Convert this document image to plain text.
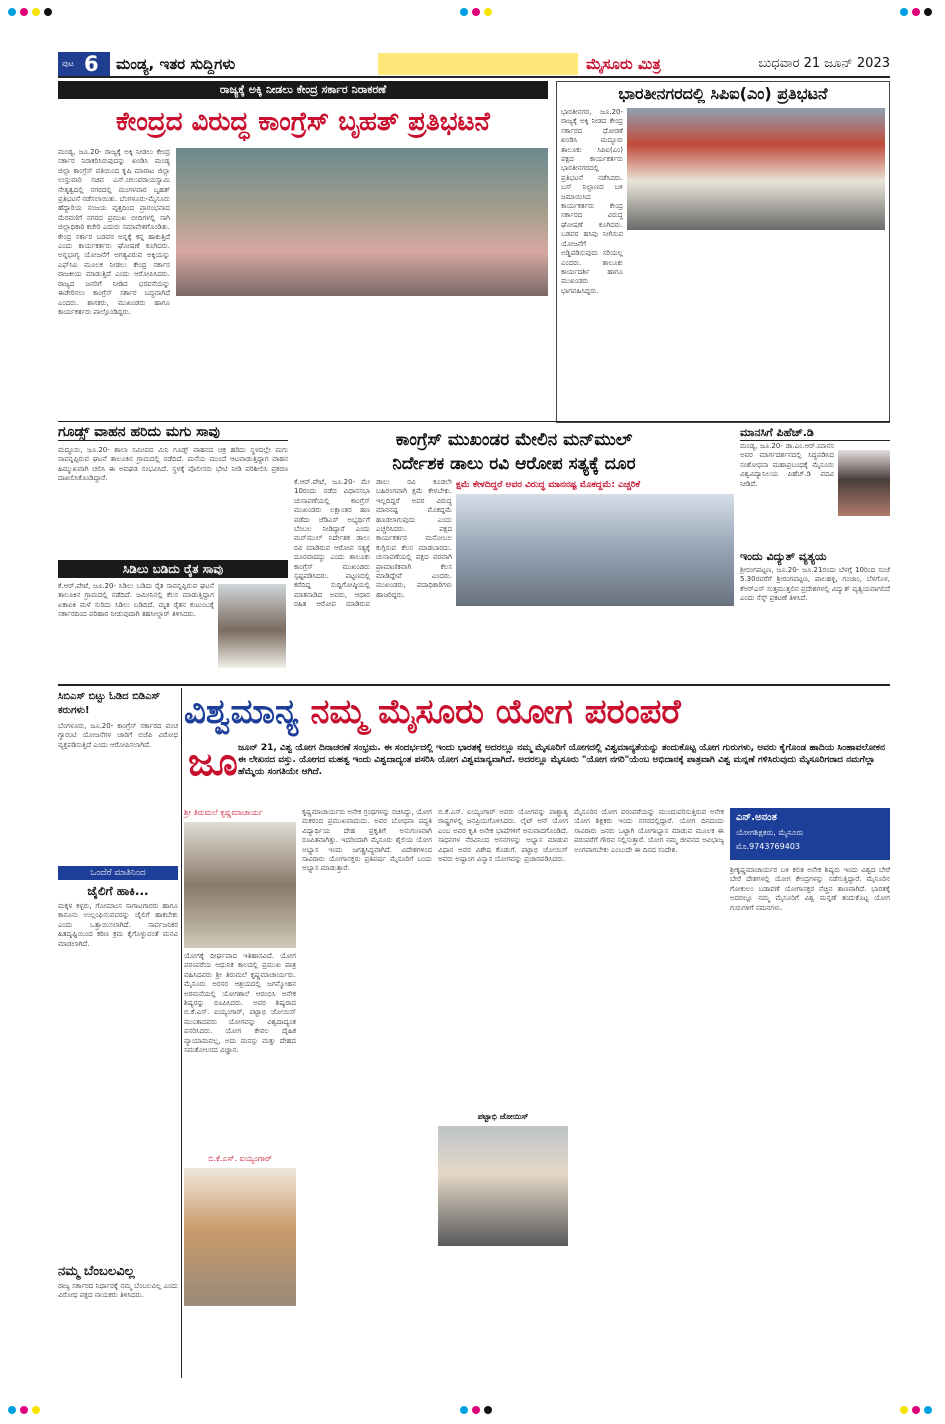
ಪುಟ 6 ಮಂಡ್ಯ, ಇತರ ಸುದ್ದಿಗಳು	ಮೈಸೂರು ಮಿತ್ರ	ಬುಧವಾರ 21 ಜೂನ್ 2023
ರಾಜ್ಯಕ್ಕೆ ಅಕ್ಕಿ ನೀಡಲು ಕೇಂದ್ರ ಸರ್ಕಾರ ನಿರಾಕರಣೆ
ಕೇಂದ್ರದ ವಿರುದ್ಧ ಕಾಂಗ್ರೆಸ್ ಬೃಹತ್ ಪ್ರತಿಭಟನೆ
ಮಂಡ್ಯ, ಜೂ.20- ರಾಜ್ಯಕ್ಕೆ ಅಕ್ಕಿ ನೀಡಲು ಕೇಂದ್ರ ಸರ್ಕಾರ ನಿರಾಕರಿಸಿರುವುದನ್ನು ಖಂಡಿಸಿ ಮಂಡ್ಯ ಜಿಲ್ಲಾ ಕಾಂಗ್ರೆಸ್ ವತಿಯಿಂದ ಕೃಷಿ ಮಾರಾಟ ಜಿಲ್ಲಾ ಉಸ್ತುವಾರಿ ಸಚಿವ ಎನ್.ಚಲುವರಾಯಸ್ವಾಮಿ ನೇತೃತ್ವದಲ್ಲಿ ನಗರದಲ್ಲಿ ಮಂಗಳವಾರ ಬೃಹತ್ ಪ್ರತಿಭಟನೆ ನಡೆಸಲಾಯಿತು. ಬೆಂಗಳೂರು-ಮೈಸೂರು ಹೆದ್ದಾರಿಯ ಸಂಜಯ ವೃತ್ತದಿಂದ ಪ್ರಾರಂಭವಾದ ಮೆರವಣಿಗೆ ನಗರದ ಪ್ರಮುಖ ಬೀದಿಗಳಲ್ಲಿ ಸಾಗಿ ಜಿಲ್ಲಾಧಿಕಾರಿ ಕಚೇರಿ ಎದುರು ಸಮಾವೇಶಗೊಂಡಿತು. ಕೇಂದ್ರ ಸರ್ಕಾರ ಬಡವರ ಅನ್ನಕ್ಕೆ ಕನ್ನ ಹಾಕುತ್ತಿದೆ ಎಂದು ಕಾರ್ಯಕರ್ತರು ಘೋಷಣೆ ಕೂಗಿದರು. ಅನ್ನಭಾಗ್ಯ ಯೋಜನೆಗೆ ಅಗತ್ಯವಿರುವ ಅಕ್ಕಿಯನ್ನು ಎಫ್‌ಸಿಐ ಮೂಲಕ ನೀಡಲು ಕೇಂದ್ರ ಸರ್ಕಾರ ರಾಜಕೀಯ ಮಾಡುತ್ತಿದೆ ಎಂದು ಆರೋಪಿಸಿದರು. ರಾಜ್ಯದ ಜನರಿಗೆ ನೀಡಿದ ಭರವಸೆಯನ್ನು ಈಡೇರಿಸಲು ಕಾಂಗ್ರೆಸ್ ಸರ್ಕಾರ ಬದ್ಧವಾಗಿದೆ ಎಂದರು. ಶಾಸಕರು, ಮುಖಂಡರು ಹಾಗೂ ಕಾರ್ಯಕರ್ತರು ಪಾಲ್ಗೊಂಡಿದ್ದರು.
ಭಾರತೀನಗರದಲ್ಲಿ ಸಿಪಿಐ(ಎಂ) ಪ್ರತಿಭಟನೆ
ಭಾರತೀನಗರ, ಜೂ.20- ರಾಜ್ಯಕ್ಕೆ ಅಕ್ಕಿ ನೀಡದ ಕೇಂದ್ರ ಸರ್ಕಾರದ ಧೋರಣೆ ಖಂಡಿಸಿ ಮದ್ದೂರು ತಾಲೂಕು ಸಿಪಿಐ(ಎಂ) ಪಕ್ಷದ ಕಾರ್ಯಕರ್ತರು ಭಾರತೀನಗರದಲ್ಲಿ ಪ್ರತಿಭಟನೆ ನಡೆಸಿದರು. ಬಸ್ ನಿಲ್ದಾಣದ ಬಳಿ ಜಮಾಯಿಸಿದ ಕಾರ್ಯಕರ್ತರು ಕೇಂದ್ರ ಸರ್ಕಾರದ ವಿರುದ್ಧ ಘೋಷಣೆ ಕೂಗಿದರು. ಬಡವರ ಹಸಿವು ನೀಗಿಸುವ ಯೋಜನೆಗೆ ಅಡ್ಡಿಪಡಿಸುವುದು ಸರಿಯಲ್ಲ ಎಂದರು. ತಾಲೂಕು ಕಾರ್ಯದರ್ಶಿ ಹಾಗೂ ಮುಖಂಡರು ಭಾಗವಹಿಸಿದ್ದರು.
ಗೂಡ್ಸ್ ವಾಹನ ಹರಿದು ಮಗು ಸಾವು
ಮದ್ದೂರು, ಜೂ.20- ಶಾಲಾ ಸಮೀಪದ ಮಿನಿ ಗೂಡ್ಸ್ ವಾಹನದ ಚಕ್ರ ಹರಿದು ಸ್ಥಳದಲ್ಲೇ ಮಗು ಸಾವನ್ನಪ್ಪಿರುವ ಘಟನೆ ತಾಲೂಕಿನ ಗ್ರಾಮದಲ್ಲಿ ನಡೆದಿದೆ. ಮನೆಯ ಮುಂದೆ ಆಟವಾಡುತ್ತಿದ್ದಾಗ ವಾಹನ ಹಿಮ್ಮುಖವಾಗಿ ಚಲಿಸಿ ಈ ಅವಘಡ ಸಂಭವಿಸಿದೆ. ಸ್ಥಳಕ್ಕೆ ಪೊಲೀಸರು ಭೇಟಿ ನೀಡಿ ಪರಿಶೀಲಿಸಿ ಪ್ರಕರಣ ದಾಖಲಿಸಿಕೊಂಡಿದ್ದಾರೆ.
ಸಿಡಿಲು ಬಡಿದು ರೈತ ಸಾವು
ಕೆ.ಆರ್.ಪೇಟೆ, ಜೂ.20- ಸಿಡಿಲು ಬಡಿದು ರೈತ ಸಾವನ್ನಪ್ಪಿರುವ ಘಟನೆ ತಾಲೂಕಿನ ಗ್ರಾಮದಲ್ಲಿ ನಡೆದಿದೆ. ಜಮೀನಿನಲ್ಲಿ ಕೆಲಸ ಮಾಡುತ್ತಿದ್ದಾಗ ಏಕಾಏಕಿ ಮಳೆ ಸುರಿದು ಸಿಡಿಲು ಬಡಿದಿದೆ. ಮೃತ ರೈತನ ಕುಟುಂಬಕ್ಕೆ ಸರ್ಕಾರದಿಂದ ಪರಿಹಾರ ನೀಡುವುದಾಗಿ ತಹಸೀಲ್ದಾರ್ ತಿಳಿಸಿದರು.
ಕಾಂಗ್ರೆಸ್ ಮುಖಂಡರ ಮೇಲಿನ ಮನ್‌ಮುಲ್
ನಿರ್ದೇಶಕ ಡಾಲು ರವಿ ಆರೋಪ ಸತ್ಯಕ್ಕೆ ದೂರ
ಕೆ.ಆರ್.ಪೇಟೆ, ಜೂ.20- ಮೇ 10ರಂದು ನಡೆದ ವಿಧಾನಸಭಾ ಚುನಾವಣೆಯಲ್ಲಿ ಕಾಂಗ್ರೆಸ್ ಮುಖಂಡರು ಲಕ್ಷಾಂತರ ಹಣ ಪಡೆದು ಜೆಡಿಎಸ್ ಅಭ್ಯರ್ಥಿಗೆ ಬೆಂಬಲ ನೀಡಿದ್ದಾರೆ ಎಂದು ಮನ್‌ಮುಲ್ ನಿರ್ದೇಶಕ ಡಾಲು ರವಿ ಮಾಡಿರುವ ಆರೋಪ ಸತ್ಯಕ್ಕೆ ದೂರವಾದದ್ದು ಎಂದು ತಾಲೂಕು ಕಾಂಗ್ರೆಸ್ ಮುಖಂಡರು ಸ್ಪಷ್ಟಪಡಿಸಿದರು. ಪಟ್ಟಣದಲ್ಲಿ ಕರೆದಿದ್ದ ಸುದ್ದಿಗೋಷ್ಠಿಯಲ್ಲಿ ಮಾತನಾಡಿದ ಅವರು, ಆಧಾರ ರಹಿತ ಆರೋಪ ಮಾಡಿರುವ ಡಾಲು ರವಿ ಕೂಡಲೇ ಬಹಿರಂಗವಾಗಿ ಕ್ಷಮೆ ಕೇಳಬೇಕು. ಇಲ್ಲದಿದ್ದರೆ ಅವರ ವಿರುದ್ಧ ಮಾನನಷ್ಟ ಮೊಕದ್ದಮೆ ಹೂಡಲಾಗುವುದು ಎಂದು ಎಚ್ಚರಿಸಿದರು. ಪಕ್ಷದ ಕಾರ್ಯಕರ್ತರ ಮನೋಬಲ ಕುಗ್ಗಿಸುವ ಕೆಲಸ ಮಾಡಬಾರದು. ಚುನಾವಣೆಯಲ್ಲಿ ಪಕ್ಷದ ಪರವಾಗಿ ಪ್ರಾಮಾಣಿಕವಾಗಿ ಕೆಲಸ ಮಾಡಿದ್ದೇವೆ ಎಂದರು. ಮುಖಂಡರು, ಪದಾಧಿಕಾರಿಗಳು ಹಾಜರಿದ್ದರು.
ಕ್ಷಮೆ ಕೇಳದಿದ್ದರೆ ಅವರ ವಿರುದ್ಧ ಮಾನನಷ್ಟ ಮೊಕದ್ದಮೆ: ಎಚ್ಚರಿಕೆ
ಮಾನಸಿಗೆ ಪಿಹೆಚ್.ಡಿ
ಮಂಡ್ಯ, ಜೂ.20- ಡಾ.ಎಂ.ಆರ್.ಮಾನಸ ಅವರ ಮಾರ್ಗದರ್ಶನದಲ್ಲಿ ಸಿದ್ಧಪಡಿಸಿದ ಸಂಶೋಧನಾ ಮಹಾಪ್ರಬಂಧಕ್ಕೆ ಮೈಸೂರು ವಿಶ್ವವಿದ್ಯಾನಿಲಯ ಪಿಹೆಚ್.ಡಿ ಪದವಿ ನೀಡಿದೆ.
ಇಂದು ವಿದ್ಯುತ್ ವ್ಯತ್ಯಯ
ಶ್ರೀರಂಗಪಟ್ಟಣ, ಜೂ.20- ಜೂ.21ರಂದು ಬೆಳಗ್ಗೆ 10ರಿಂದ ಸಂಜೆ 5.30ರವರೆಗೆ ಶ್ರೀರಂಗಪಟ್ಟಣ, ಪಾಲಹಳ್ಳಿ, ಗಂಜಾಂ, ಬೆಳಗೊಳ, ಕೆಆರ್‌ಎಸ್ ಸುತ್ತಮುತ್ತಲಿನ ಪ್ರದೇಶಗಳಲ್ಲಿ ವಿದ್ಯುತ್ ವ್ಯತ್ಯಯವಾಗಲಿದೆ ಎಂದು ಸೆಸ್ಕ್ ಪ್ರಕಟಣೆ ತಿಳಿಸಿದೆ.
ಸಿಬಿಎಸ್ ಬಿಟ್ಟು ಓಡಿದ ಬಿಡಿಎಸ್ ಕರುಗಳು!
ಬೆಂಗಳೂರು, ಜೂ.20- ಕಾಂಗ್ರೆಸ್ ಸರ್ಕಾರದ ಪಂಚ ಗ್ಯಾರಂಟಿ ಯೋಜನೆಗಳ ಜಾರಿಗೆ ಬಿಜೆಪಿ ವಿರೋಧ ವ್ಯಕ್ತಪಡಿಸುತ್ತಿದೆ ಎಂದು ಆರೋಪಿಸಲಾಗಿದೆ.
ಒಂದೆರೆ ಮಾತಿನಿಂದ
ಜೈಲಿಗೆ ಹಾಕಿ...
ಮಕ್ಕಳ ಕಳ್ಳರು, ಗೋಮಾಂಸ ಸಾಗಾಟಗಾರರು ಹಾಗೂ ಕಾನೂನು ಉಲ್ಲಂಘಿಸುವವರನ್ನು ಜೈಲಿಗೆ ಹಾಕಬೇಕು ಎಂದು ಒತ್ತಾಯಿಸಲಾಗಿದೆ. ಸಾರ್ವಜನಿಕರ ಹಿತದೃಷ್ಟಿಯಿಂದ ಕಠಿಣ ಕ್ರಮ ಕೈಗೊಳ್ಳುವಂತೆ ಮನವಿ ಮಾಡಲಾಗಿದೆ.
ನಮ್ಮ ಬೆಂಬಲವಿಲ್ಲ
ರಾಜ್ಯ ಸರ್ಕಾರದ ನಿರ್ಧಾರಕ್ಕೆ ನಮ್ಮ ಬೆಂಬಲವಿಲ್ಲ ಎಂದು ವಿರೋಧ ಪಕ್ಷದ ನಾಯಕರು ತಿಳಿಸಿದರು.
ವಿಶ್ವಮಾನ್ಯ ನಮ್ಮ ಮೈಸೂರು ಯೋಗ ಪರಂಪರೆ
ಜೂ ಜೂನ್ 21, ವಿಶ್ವ ಯೋಗ ದಿನಾಚರಣೆ ಸಂಭ್ರಮ. ಈ ಸಂದರ್ಭದಲ್ಲಿ ಇಂದು ಭಾರತಕ್ಕೆ ಅದರಲ್ಲೂ ನಮ್ಮ ಮೈಸೂರಿಗೆ ಯೋಗದಲ್ಲಿ ವಿಶ್ವಮಾನ್ಯತೆಯನ್ನು ತಂದುಕೊಟ್ಟ ಯೋಗ ಗುರುಗಳು, ಅವರು ಕೈಗೊಂಡ ಹಾದಿಯ ಸಿಂಹಾವಲೋಕನ ಈ ಲೇಖನದ ವಸ್ತು. ಯೋಗದ ಮಹತ್ವ ಇಂದು ವಿಶ್ವದಾದ್ಯಂತ ಪಸರಿಸಿ ಯೋಗ ವಿಶ್ವಮಾನ್ಯವಾಗಿದೆ. ಅದರಲ್ಲೂ ಮೈಸೂರು "ಯೋಗ ನಗರಿ"ಯೆಂಬ ಅಭಿದಾನಕ್ಕೆ ಪಾತ್ರವಾಗಿ ವಿಶ್ವ ಮನ್ನಣೆ ಗಳಿಸಿರುವುದು ಮೈಸೂರಿಗರಾದ ನಮಗೆಲ್ಲಾ ಹೆಮ್ಮೆಯ ಸಂಗತಿಯೇ ಆಗಿದೆ.
ಶ್ರೀ ತಿರುಮಲೆ ಕೃಷ್ಣಮಾಚಾರ್ಯ
ಯೋಗಕ್ಕೆ ದೀರ್ಘವಾದ ಇತಿಹಾಸವಿದೆ. ಯೋಗ ಪರಂಪರೆಯ ಆಧುನಿಕ ಕಾಲದಲ್ಲಿ ಪ್ರಮುಖ ಪಾತ್ರ ವಹಿಸಿದವರು ಶ್ರೀ ತಿರುಮಲೆ ಕೃಷ್ಣಮಾಚಾರ್ಯರು. ಮೈಸೂರು ಅರಸರ ಆಶ್ರಯದಲ್ಲಿ ಜಗನ್ಮೋಹನ ಅರಮನೆಯಲ್ಲಿ ಯೋಗಶಾಲೆ ಆರಂಭಿಸಿ ಅನೇಕ ಶಿಷ್ಯರನ್ನು ರೂಪಿಸಿದರು. ಅವರ ಶಿಷ್ಯರಾದ ಬಿ.ಕೆ.ಎಸ್. ಐಯ್ಯಂಗಾರ್, ಪಟ್ಟಾಭಿ ಜೋಯಿಸ್ ಮುಂತಾದವರು ಯೋಗವನ್ನು ವಿಶ್ವದಾದ್ಯಂತ ಪಸರಿಸಿದರು. ಯೋಗ ಕೇವಲ ದೈಹಿಕ ವ್ಯಾಯಾಮವಲ್ಲ, ಅದು ಮನಸ್ಸು ಮತ್ತು ದೇಹದ ಸಮತೋಲನದ ವಿಜ್ಞಾನ.
ಬಿ.ಕೆ.ಎಸ್. ಐಯ್ಯಂಗಾರ್
ಕೃಷ್ಣಮಾಚಾರ್ಯರು ಅನೇಕ ಗ್ರಂಥಗಳನ್ನು ರಚಿಸಿದ್ದು, ಯೋಗ ಮಕರಂದ ಪ್ರಮುಖವಾದುದು. ಅವರ ಬೋಧನಾ ಪದ್ಧತಿ ವಿದ್ಯಾರ್ಥಿಯ ದೇಹ ಪ್ರಕೃತಿಗೆ ಅನುಗುಣವಾಗಿ ರೂಪಿತವಾಗಿತ್ತು. ಇದರಿಂದಾಗಿ ಮೈಸೂರು ಶೈಲಿಯ ಯೋಗ ಅಭ್ಯಾಸ ಇಂದು ಜಗತ್ಪ್ರಸಿದ್ಧವಾಗಿದೆ. ವಿದೇಶಗಳಿಂದ ಸಾವಿರಾರು ಯೋಗಾಸಕ್ತರು ಪ್ರತಿವರ್ಷ ಮೈಸೂರಿಗೆ ಬಂದು ಅಭ್ಯಾಸ ಮಾಡುತ್ತಾರೆ.
ಬಿ.ಕೆ.ಎಸ್. ಐಯ್ಯಂಗಾರ್ ಅವರು ಯೋಗವನ್ನು ಪಾಶ್ಚಾತ್ಯ ರಾಷ್ಟ್ರಗಳಲ್ಲಿ ಜನಪ್ರಿಯಗೊಳಿಸಿದರು. ಲೈಟ್ ಆನ್ ಯೋಗ ಎಂಬ ಅವರ ಕೃತಿ ಅನೇಕ ಭಾಷೆಗಳಿಗೆ ಅನುವಾದಗೊಂಡಿದೆ. ಸಾಧನಗಳ ನೆರವಿನಿಂದ ಆಸನಗಳನ್ನು ಅಭ್ಯಾಸ ಮಾಡುವ ವಿಧಾನ ಅವರ ವಿಶೇಷ ಕೊಡುಗೆ. ಪಟ್ಟಾಭಿ ಜೋಯಿಸ್ ಅವರು ಅಷ್ಟಾಂಗ ವಿನ್ಯಾಸ ಯೋಗವನ್ನು ಪ್ರಚಾರಪಡಿಸಿದರು.
ಪಟ್ಟಾಭಿ ಜೋಯಿಸ್
ಮೈಸೂರಿನ ಯೋಗ ಪರಂಪರೆಯನ್ನು ಮುಂದುವರಿಸುತ್ತಿರುವ ಅನೇಕ ಯೋಗ ಶಿಕ್ಷಕರು ಇಂದು ನಗರದಲ್ಲಿದ್ದಾರೆ. ಯೋಗ ದಿನದಂದು ಸಾವಿರಾರು ಜನರು ಒಟ್ಟಾಗಿ ಯೋಗಾಭ್ಯಾಸ ಮಾಡುವ ಮೂಲಕ ಈ ಪರಂಪರೆಗೆ ಗೌರವ ಸಲ್ಲಿಸುತ್ತಾರೆ. ಯೋಗ ನಮ್ಮ ಜೀವನದ ಅವಿಭಾಜ್ಯ ಅಂಗವಾಗಬೇಕು ಎಂಬುದೇ ಈ ದಿನದ ಸಂದೇಶ.
ಎನ್.ಅನಂತ
ಯೋಗಶಿಕ್ಷಕರು, ಮೈಸೂರು
ಮೊ.9743769403
ಶ್ರೀಕೃಷ್ಣಮಾಚಾರ್ಯರ ಬಳಿ ಕಲಿತ ಅನೇಕ ಶಿಷ್ಯರು ಇಂದು ವಿಶ್ವದ ಬೇರೆ ಬೇರೆ ದೇಶಗಳಲ್ಲಿ ಯೋಗ ಕೇಂದ್ರಗಳನ್ನು ನಡೆಸುತ್ತಿದ್ದಾರೆ. ಮೈಸೂರಿನ ಗೋಕುಲಂ ಬಡಾವಣೆ ಯೋಗಾಸಕ್ತರ ನೆಚ್ಚಿನ ತಾಣವಾಗಿದೆ. ಭಾರತಕ್ಕೆ ಅದರಲ್ಲೂ ನಮ್ಮ ಮೈಸೂರಿಗೆ ವಿಶ್ವ ಮನ್ನಣೆ ತಂದುಕೊಟ್ಟ ಯೋಗ ಗುರುಗಳಿಗೆ ನಮನಗಳು.
